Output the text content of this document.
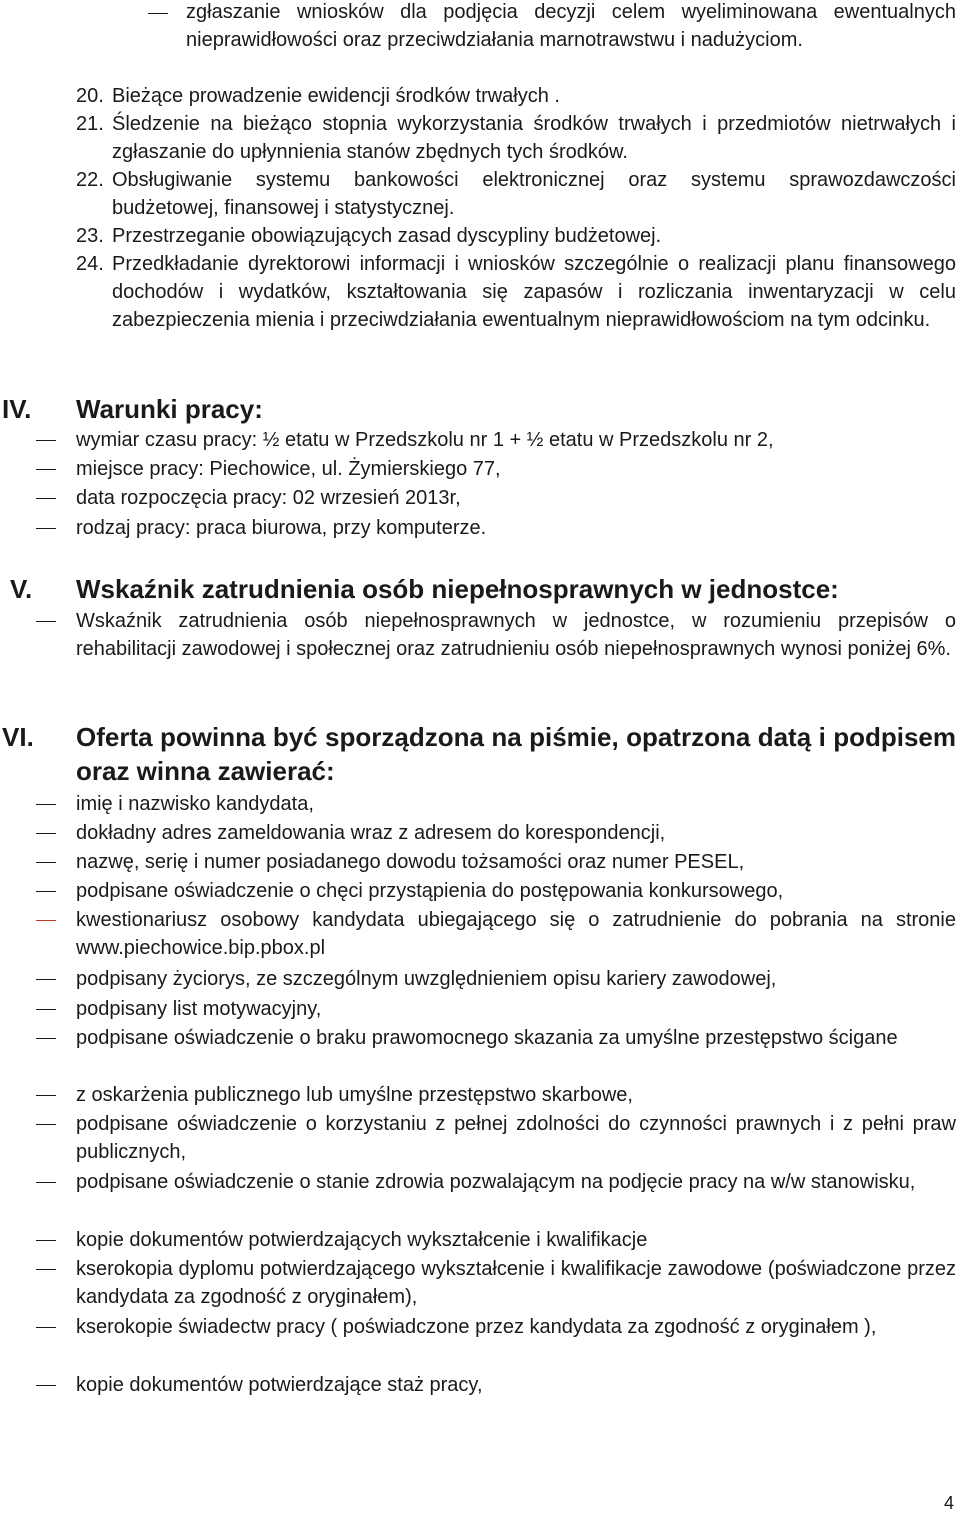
zgłaszanie wniosków dla podjęcia decyzji celem wyeliminowana ewentualnych nieprawidłowości oraz przeciwdziałania marnotrawstwu i nadużyciom.
20. Bieżące prowadzenie ewidencji środków trwałych .
21. Śledzenie na bieżąco stopnia wykorzystania środków trwałych i przedmiotów nietrwałych i zgłaszanie do upłynnienia stanów zbędnych tych środków.
22. Obsługiwanie systemu bankowości elektronicznej oraz systemu sprawozdawczości budżetowej, finansowej i statystycznej.
23. Przestrzeganie obowiązujących zasad dyscypliny budżetowej.
24. Przedkładanie dyrektorowi informacji i wniosków szczególnie o realizacji planu finansowego dochodów i wydatków, kształtowania się zapasów i rozliczania inwentaryzacji w celu zabezpieczenia mienia i przeciwdziałania ewentualnym nieprawidłowościom na tym odcinku.
IV. Warunki pracy:
wymiar czasu pracy: ½ etatu w Przedszkolu nr 1 + ½ etatu w Przedszkolu nr 2,
miejsce pracy: Piechowice, ul. Żymierskiego 77,
data rozpoczęcia pracy: 02 wrzesień 2013r,
rodzaj pracy: praca biurowa, przy komputerze.
V. Wskaźnik zatrudnienia osób niepełnosprawnych w jednostce:
Wskaźnik zatrudnienia osób niepełnosprawnych w jednostce, w rozumieniu przepisów o rehabilitacji zawodowej i społecznej oraz zatrudnieniu osób niepełnosprawnych wynosi poniżej 6%.
VI. Oferta powinna być sporządzona na piśmie, opatrzona datą i podpisem oraz winna zawierać:
imię i nazwisko kandydata,
dokładny adres zameldowania wraz z adresem do korespondencji,
nazwę, serię i numer posiadanego dowodu tożsamości oraz numer PESEL,
podpisane oświadczenie o chęci przystąpienia do postępowania konkursowego,
kwestionariusz osobowy kandydata ubiegającego się o zatrudnienie do pobrania na stronie www.piechowice.bip.pbox.pl
podpisany życiorys, ze szczególnym uwzględnieniem opisu kariery zawodowej,
podpisany list motywacyjny,
podpisane oświadczenie o braku prawomocnego skazania za umyślne przestępstwo ścigane
z oskarżenia publicznego lub umyślne przestępstwo skarbowe,
podpisane oświadczenie o korzystaniu z pełnej zdolności do czynności prawnych i z pełni praw publicznych,
podpisane oświadczenie o stanie zdrowia pozwalającym na podjęcie pracy na w/w stanowisku,
kopie dokumentów potwierdzających wykształcenie i kwalifikacje
kserokopia dyplomu potwierdzającego wykształcenie i kwalifikacje zawodowe (poświadczone przez kandydata za zgodność z oryginałem),
kserokopie świadectw pracy ( poświadczone przez kandydata za zgodność z oryginałem ),
kopie dokumentów potwierdzające staż pracy,
4
